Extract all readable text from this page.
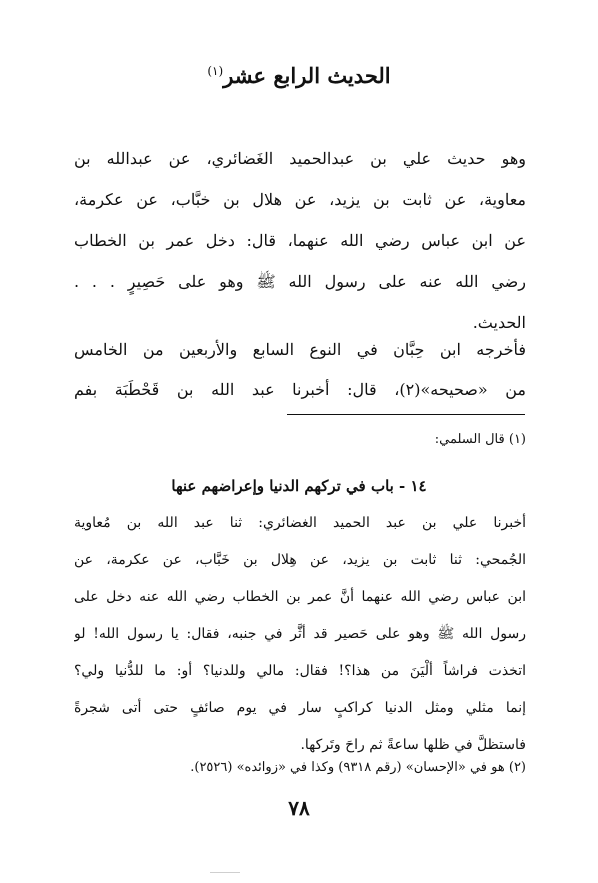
الحديث الرابع عشر$^{(١)}$
وهو حديث علي بن عبدالحميد الغَضائري، عن عبدالله بن
معاوية، عن ثابت بن يزيد، عن هلال بن خبَّاب، عن عكرمة،
عن ابن عباس رضي الله عنهما، قال: دخل عمر بن الخطاب
رضي الله عنه على رسول الله ﷺ وهو على حَصِيرٍ . . .
الحديث.
فأخرجه ابن حِبَّان في النوع السابع والأربعين من الخامس
من «صحيحه»(٢)، قال: أخبرنا عبد الله بن قَحْطَبَة بفم
(١) قال السلمي:
١٤ - باب في تركهم الدنيا وإعراضهم عنها
أخبرنا علي بن عبد الحميد الغضائري: ثنا عبد الله بن مُعاوية
الجُمحي: ثنا ثابت بن يزيد، عن هِلال بن خَبَّاب، عن عكرمة، عن
ابن عباس رضي الله عنهما أنَّ عمر بن الخطاب رضي الله عنه دخل على
رسول الله ﷺ وهو على حَصير قد أثَّر في جنبه، فقال: يا رسول الله! لو
اتخذت فراشاً ألْيَنَ من هذا؟! فقال: مالي وللدنيا؟ أو: ما للدُّنيا ولي؟
إنما مثلي ومثل الدنيا كراكبٍ سار في يوم صائفٍ حتى أتى شجرةً
فاستظلَّ في ظلها ساعةً ثم راحَ وتَركها.
(٢) هو في «الإحسان» (رقم ٩٣١٨) وكذا في «زوائده» (٢٥٢٦).
٧٨
